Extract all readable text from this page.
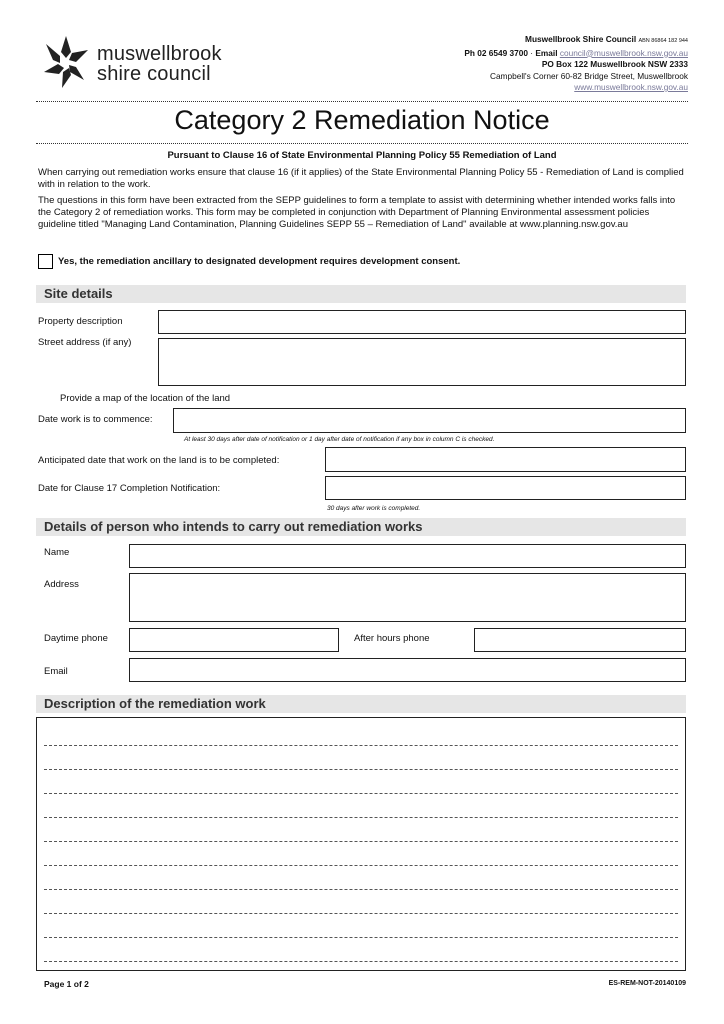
muswellbrook
shire council
Muswellbrook Shire Council ABN 86864 182 944
Ph 02 6549 3700 · Email council@muswellbrook.nsw.gov.au
PO Box 122 Muswellbrook NSW 2333
Campbell's Corner 60-82 Bridge Street, Muswellbrook
www.muswellbrook.nsw.gov.au
Category 2 Remediation Notice
Pursuant to Clause 16 of State Environmental Planning Policy 55 Remediation of Land
When carrying out remediation works ensure that clause 16 (if it applies) of the State Environmental Planning Policy 55 - Remediation of Land is complied with in relation to the work.
The questions in this form have been extracted from the SEPP guidelines to form a template to assist with determining whether intended works falls into the Category 2 of remediation works. This form may be completed in conjunction with Department of Planning Environmental assessment policies guideline titled "Managing Land Contamination, Planning Guidelines SEPP 55 – Remediation of Land" available at www.planning.nsw.gov.au
Yes, the remediation ancillary to designated development requires development consent.
Site details
Property description
Street address (if any)
Provide a map of the location of the land
Date work is to commence:
At least 30 days after date of notification or 1 day after date of notification if any box in column C is checked.
Anticipated date that work on the land is to be completed:
Date for Clause 17 Completion Notification:
30 days after work is completed.
Details of person who intends to carry out remediation works
Name
Address
Daytime phone	After hours phone
Email
Description of the remediation work
Page 1 of 2	ES-REM-NOT-20140109
